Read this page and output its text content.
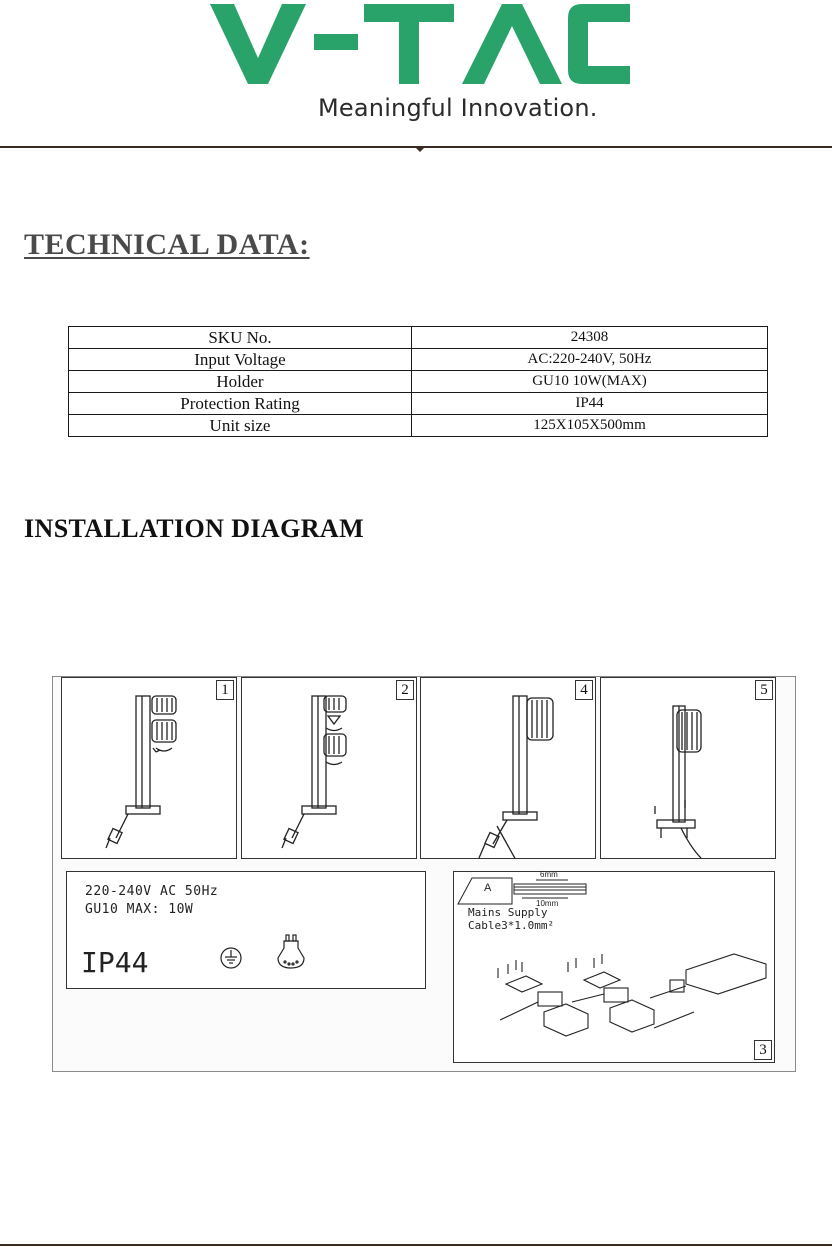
Meaningful Innovation.
TECHNICAL DATA:
SKU No.	24308
Input Voltage	AC:220-240V, 50Hz
Holder	GU10 10W(MAX)
Protection Rating	IP44
Unit size	125X105X500mm
INSTALLATION DIAGRAM
1	2	4	5
220-240V AC 50Hz
GU10 MAX: 10W
IP44
3
A
6mm
10mm
Mains Supply
Cable3*1.0mm²
